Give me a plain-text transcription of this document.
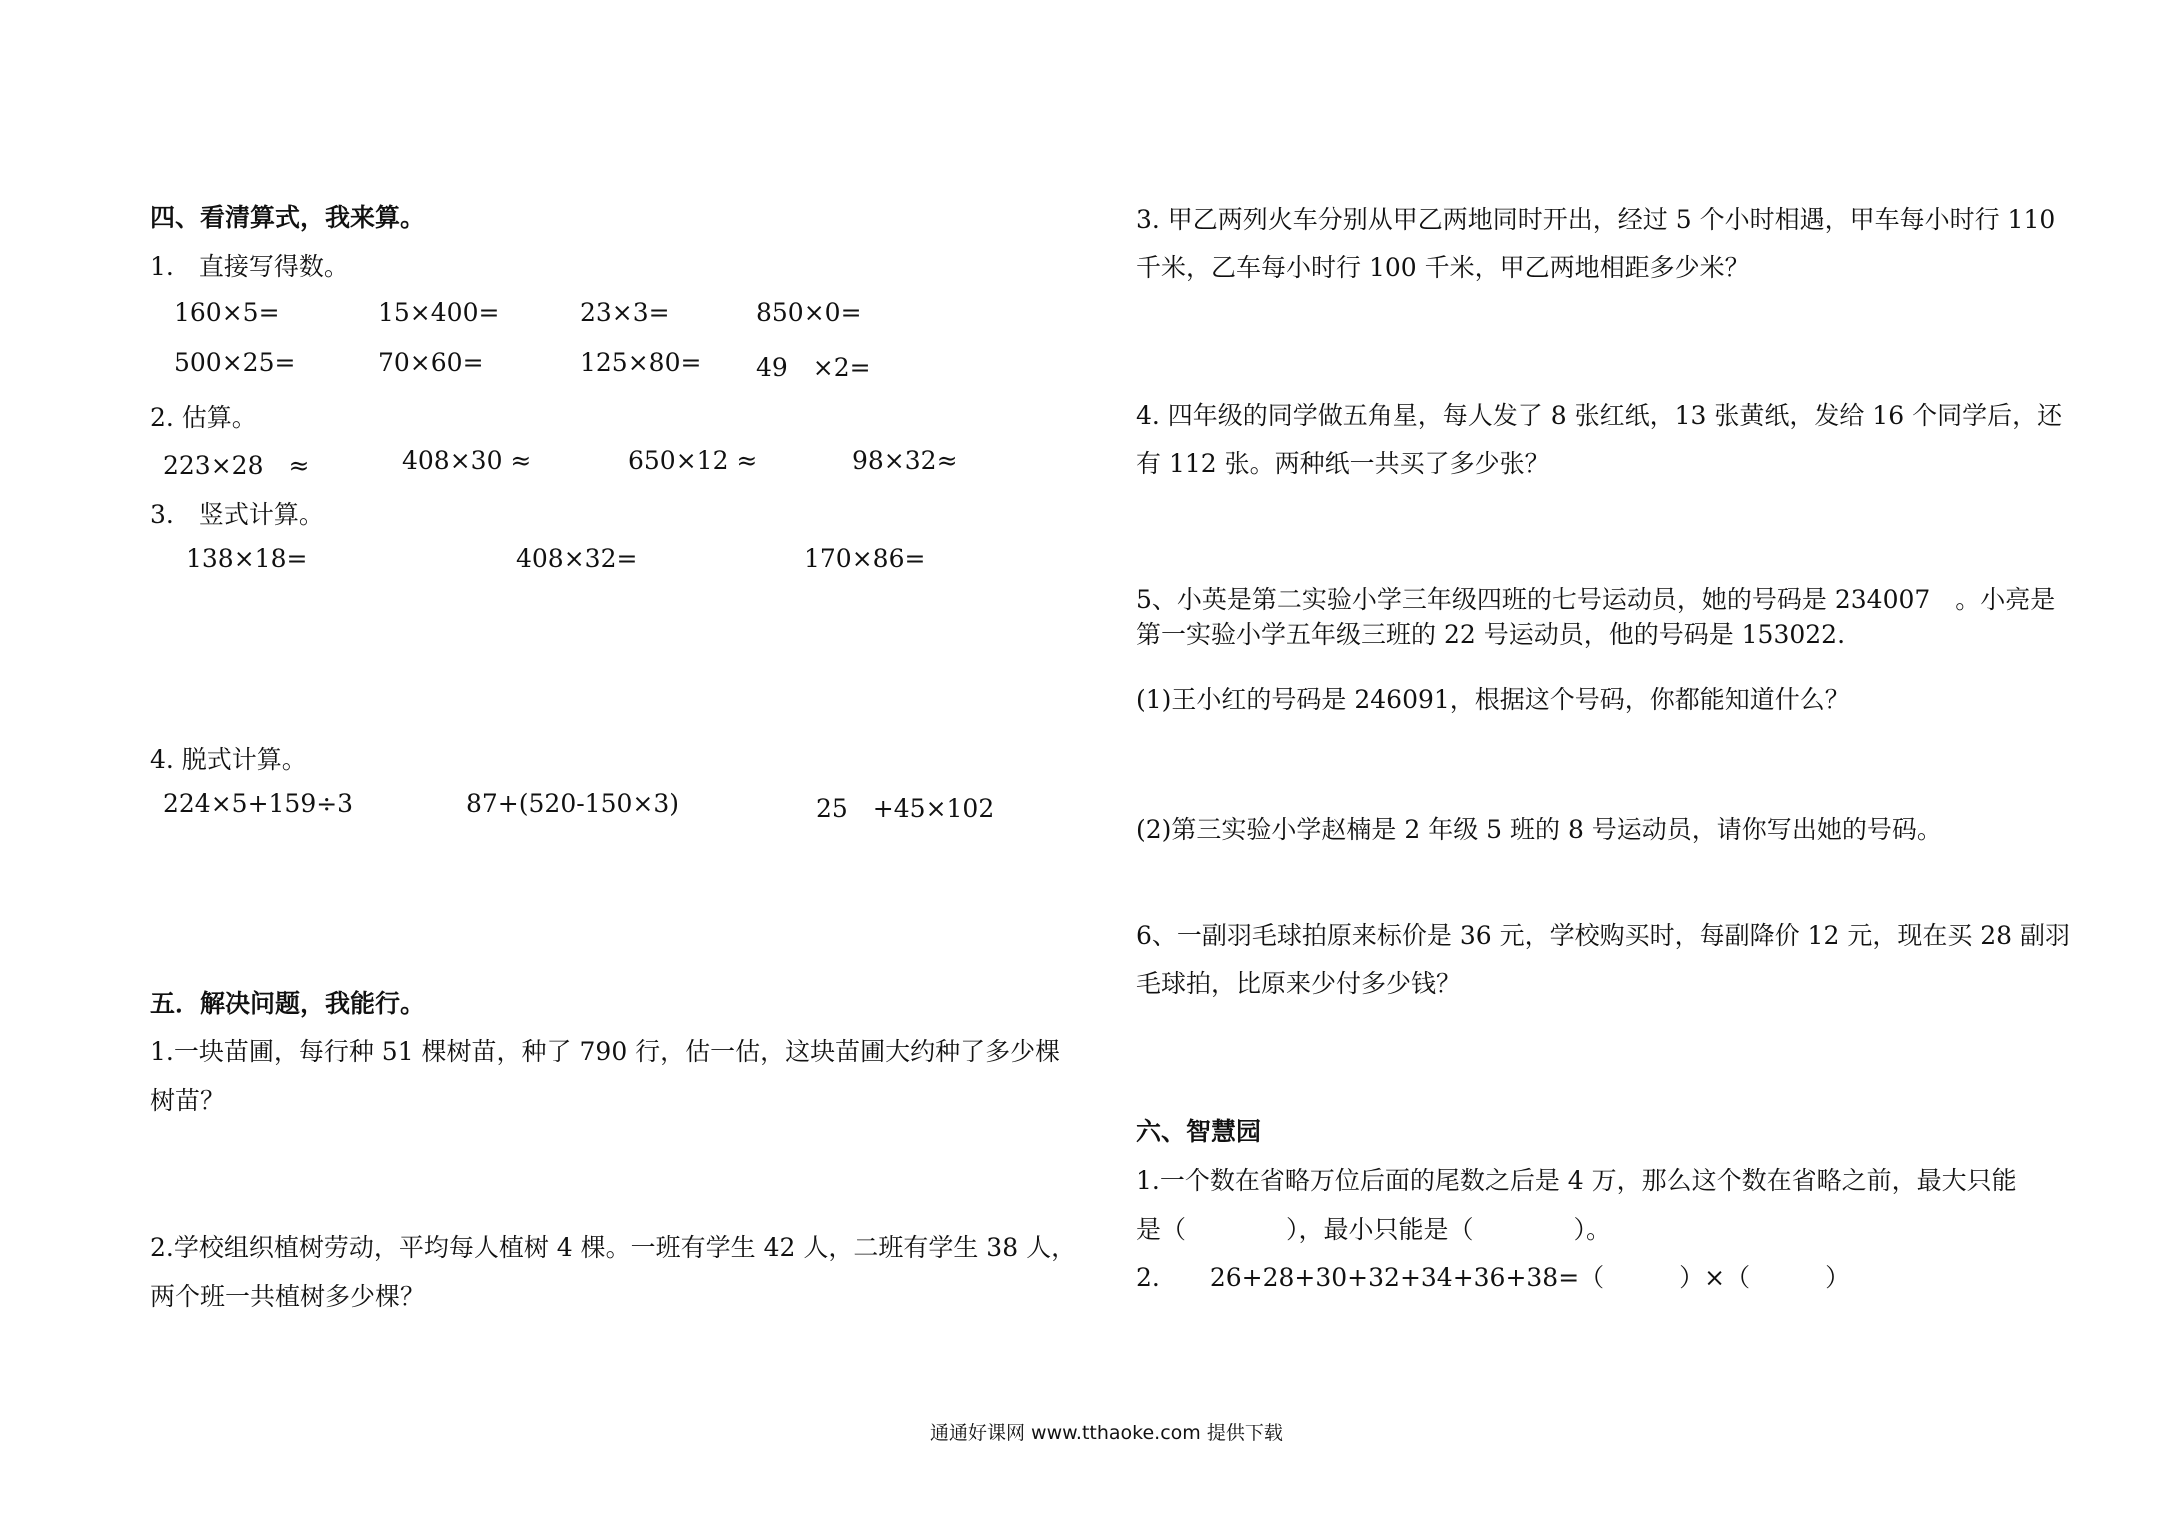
四、看清算式，我来算。
1.　直接写得数。
160×5=	15×400=	23×3=	850×0=
500×25=	70×60=	125×80= 49　×2=
2. 估算。
223×28　≈	408×30 ≈	650×12 ≈	98×32≈
3.　竖式计算。
138×18=	408×32=	170×86=
4. 脱式计算。
224×5+159÷3	87+(520-150×3)	25　+45×102
五．解决问题，我能行。
1.一块苗圃，每行种 51 棵树苗，种了 790 行，估一估，这块苗圃大约种了多少棵
树苗？
2.学校组织植树劳动，平均每人植树 4 棵。一班有学生 42 人，二班有学生 38 人，
两个班一共植树多少棵？
3. 甲乙两列火车分别从甲乙两地同时开出，经过 5 个小时相遇，甲车每小时行 110
千米，乙车每小时行 100 千米，甲乙两地相距多少米？
4. 四年级的同学做五角星，每人发了 8 张红纸，13 张黄纸，发给 16 个同学后，还
有 112 张。两种纸一共买了多少张？
5、小英是第二实验小学三年级四班的七号运动员，她的号码是 234007　。小亮是
第一实验小学五年级三班的 22 号运动员，他的号码是 153022.
(1)王小红的号码是 246091，根据这个号码，你都能知道什么？
(2)第三实验小学赵楠是 2 年级 5 班的 8 号运动员，请你写出她的号码。
6、一副羽毛球拍原来标价是 36 元，学校购买时，每副降价 12 元，现在买 28 副羽
毛球拍，比原来少付多少钱？
六、智慧园
1.一个数在省略万位后面的尾数之后是 4 万，那么这个数在省略之前，最大只能
是（　　　　），最小只能是（　　　　）。
2.　　26+28+30+32+34+36+38=（　　　）×（　　　）
通通好课网 www.tthaoke.com 提供下载
